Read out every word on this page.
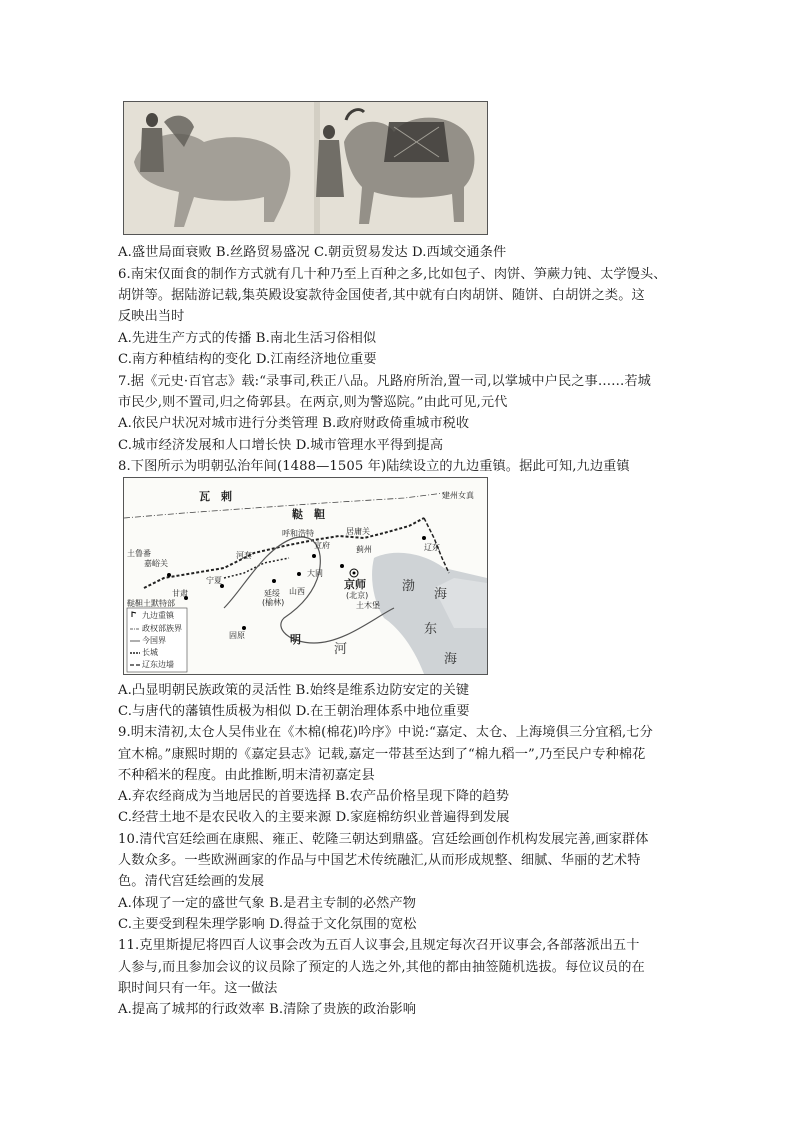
A.盛世局面衰败 B.丝路贸易盛况 C.朝贡贸易发达 D.西域交通条件
6.南宋仅面食的制作方式就有几十种乃至上百种之多,比如包子、肉饼、笋蕨力钝、太学馒头、
胡饼等。据陆游记载,集英殿设宴款待金国使者,其中就有白肉胡饼、随饼、白胡饼之类。这
反映出当时
A.先进生产方式的传播 B.南北生活习俗相似
C.南方种植结构的变化 D.江南经济地位重要
7.据《元史·百官志》载:“录事司,秩正八品。凡路府所治,置一司,以掌城中户民之事……若城
市民少,则不置司,归之倚郭县。在两京,则为警巡院。”由此可见,元代
A.依民户状况对城市进行分类管理 B.政府财政倚重城市税收
C.城市经济发展和人口增长快 D.城市管理水平得到提高
8.下图所示为明朝弘治年间(1488—1505 年)陆续设立的九边重镇。据此可知,九边重镇
瓦　剌
鞑　靼
呼和浩特	居庸关
宣府	蓟州
建州女真
辽东
京师
(北京)
土木堡
渤
海
河套
大同
山西
延绥
(榆林)
宁夏
甘肃
嘉峪关
土鲁番
鞑靼土默特部
固原	明
河
东
海
九边重镇
政权部族界
今国界
长城
辽东边墙
A.凸显明朝民族政策的灵活性 B.始终是维系边防安定的关键
C.与唐代的藩镇性质极为相似 D.在王朝治理体系中地位重要
9.明末清初,太仓人吴伟业在《木棉(棉花)吟序》中说:“嘉定、太仓、上海境俱三分宜稻,七分
宜木棉。”康熙时期的《嘉定县志》记载,嘉定一带甚至达到了“棉九稻一”,乃至民户专种棉花
不种稻米的程度。由此推断,明末清初嘉定县
A.弃农经商成为当地居民的首要选择 B.农产品价格呈现下降的趋势
C.经营土地不是农民收入的主要来源 D.家庭棉纺织业普遍得到发展
10.清代宫廷绘画在康熙、雍正、乾隆三朝达到鼎盛。宫廷绘画创作机构发展完善,画家群体
人数众多。一些欧洲画家的作品与中国艺术传统融汇,从而形成规整、细腻、华丽的艺术特
色。清代宫廷绘画的发展
A.体现了一定的盛世气象 B.是君主专制的必然产物
C.主要受到程朱理学影响 D.得益于文化氛围的宽松
11.克里斯提尼将四百人议事会改为五百人议事会,且规定每次召开议事会,各部落派出五十
人参与,而且参加会议的议员除了预定的人选之外,其他的都由抽签随机选拔。每位议员的在
职时间只有一年。这一做法
A.提高了城邦的行政效率 B.清除了贵族的政治影响
